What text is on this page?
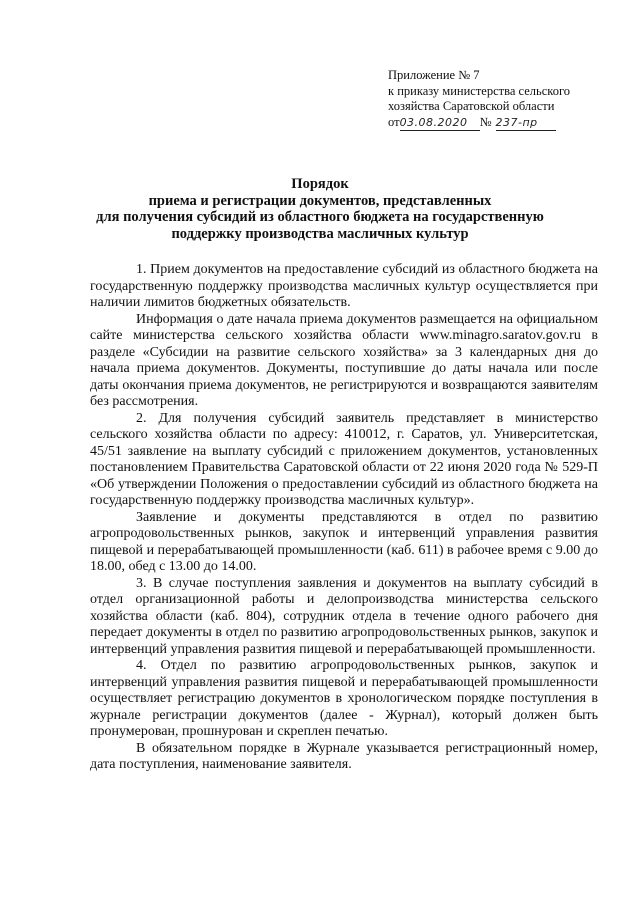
Приложение № 7
к приказу министерства сельского
хозяйства Саратовской области
от03.08.2020 № 237-пр
Порядок
приема и регистрации документов, представленных
для получения субсидий из областного бюджета на государственную
поддержку производства масличных культур

1. Прием документов на предоставление субсидий из областного бюджета на государственную поддержку производства масличных культур осуществляется при наличии лимитов бюджетных обязательств.

Информация о дате начала приема документов размещается на официальном сайте министерства сельского хозяйства области www.minagro.saratov.gov.ru в разделе «Субсидии на развитие сельского хозяйства» за 3 календарных дня до начала приема документов. Документы, поступившие до даты начала или после даты окончания приема документов, не регистрируются и возвращаются заявителям без рассмотрения.

2. Для получения субсидий заявитель представляет в министерство сельского хозяйства области по адресу: 410012, г. Саратов, ул. Университетская, 45/51 заявление на выплату субсидий с приложением документов, установленных постановлением Правительства Саратовской области от 22 июня 2020 года № 529-П «Об утверждении Положения о предоставлении субсидий из областного бюджета на государственную поддержку производства масличных культур».

Заявление и документы представляются в отдел по развитию агропродовольственных рынков, закупок и интервенций управления развития пищевой и перерабатывающей промышленности (каб. 611) в рабочее время с 9.00 до 18.00, обед с 13.00 до 14.00.

3. В случае поступления заявления и документов на выплату субсидий в отдел организационной работы и делопроизводства министерства сельского хозяйства области (каб. 804), сотрудник отдела в течение одного рабочего дня передает документы в отдел по развитию агропродовольственных рынков, закупок и интервенций управления развития пищевой и перерабатывающей промышленности.

4. Отдел по развитию агропродовольственных рынков, закупок и интервенций управления развития пищевой и перерабатывающей промышленности осуществляет регистрацию документов в хронологическом порядке поступления в журнале регистрации документов (далее - Журнал), который должен быть пронумерован, прошнурован и скреплен печатью.

В обязательном порядке в Журнале указывается регистрационный номер, дата поступления, наименование заявителя.
